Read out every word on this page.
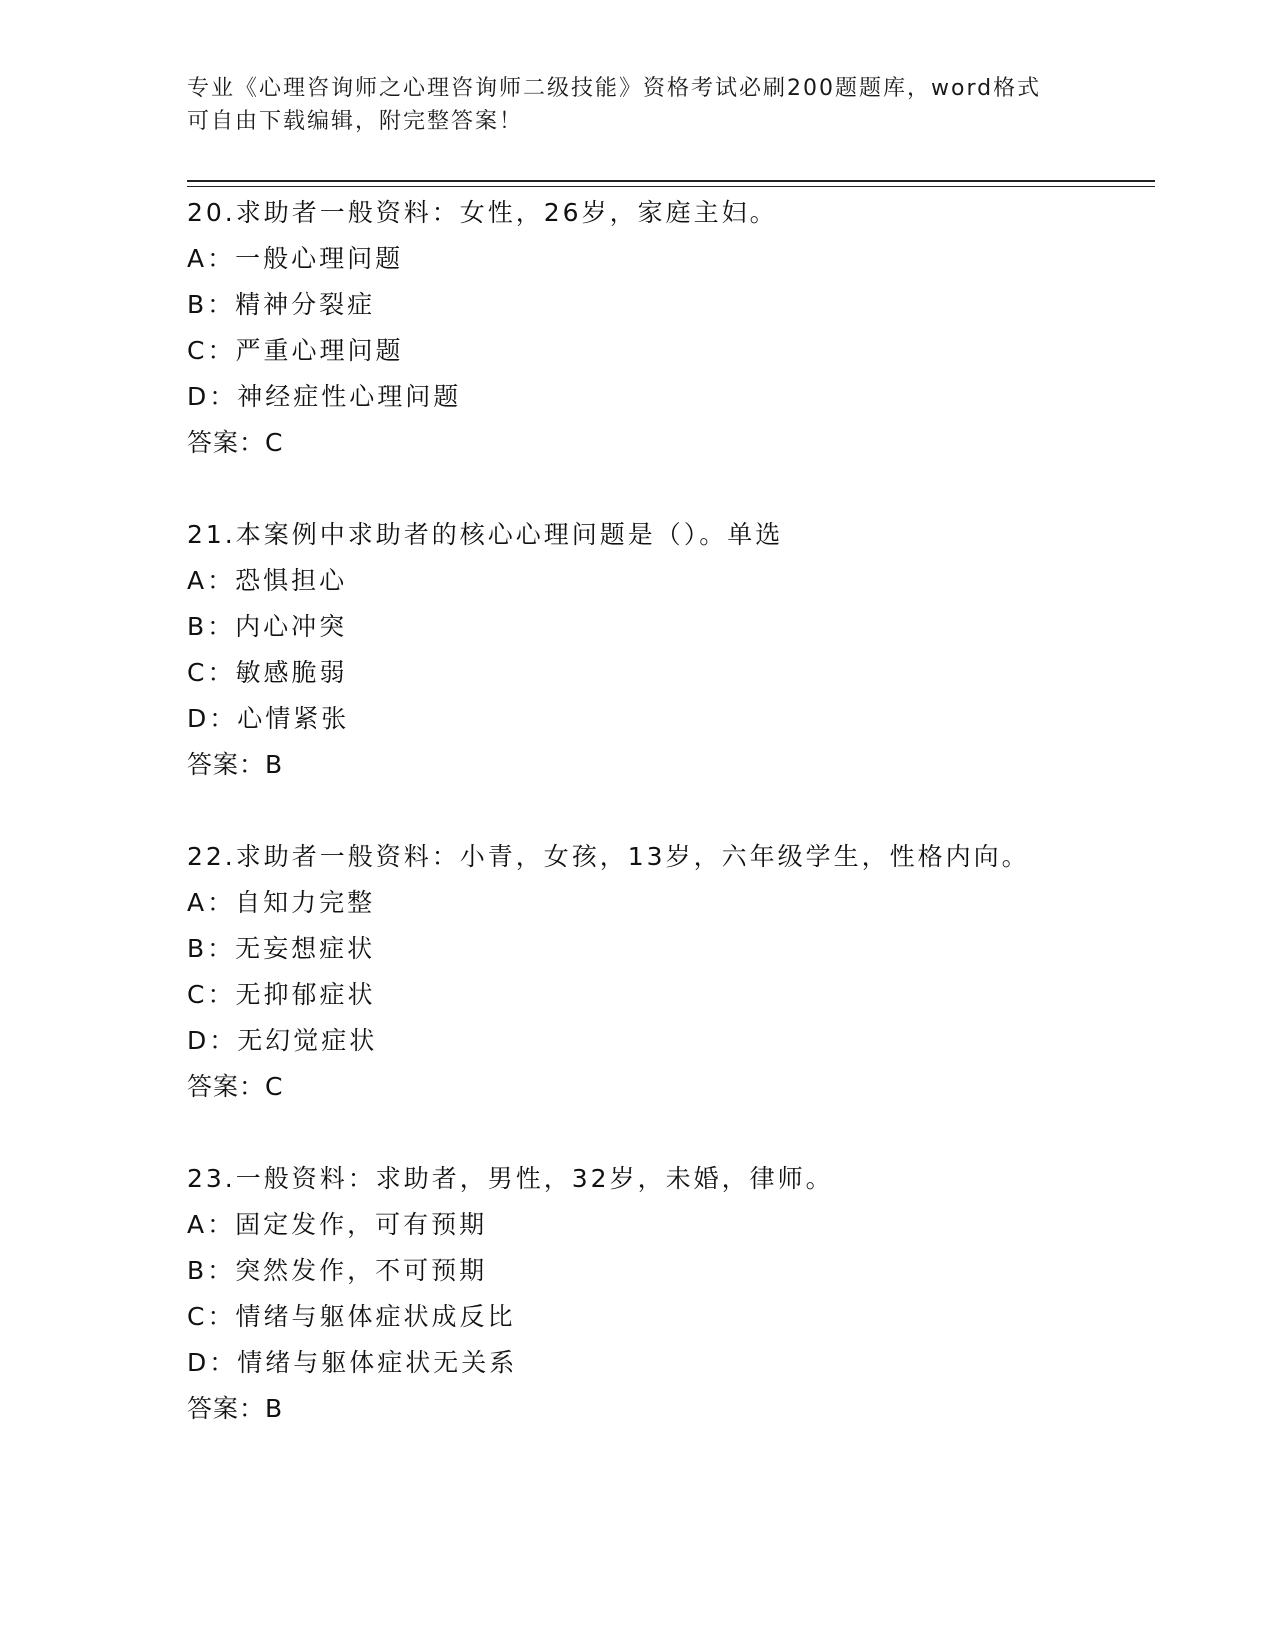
专业《心理咨询师之心理咨询师二级技能》资格考试必刷200题题库，word格式
可自由下载编辑，附完整答案！
20.求助者一般资料：女性，26岁，家庭主妇。
A：一般心理问题
B：精神分裂症
C：严重心理问题
D：神经症性心理问题
答案：C
21.本案例中求助者的核心心理问题是（）。单选
A：恐惧担心
B：内心冲突
C：敏感脆弱
D：心情紧张
答案：B
22.求助者一般资料：小青，女孩，13岁，六年级学生，性格内向。
A：自知力完整
B：无妄想症状
C：无抑郁症状
D：无幻觉症状
答案：C
23.一般资料：求助者，男性，32岁，未婚，律师。
A：固定发作，可有预期
B：突然发作，不可预期
C：情绪与躯体症状成反比
D：情绪与躯体症状无关系
答案：B
